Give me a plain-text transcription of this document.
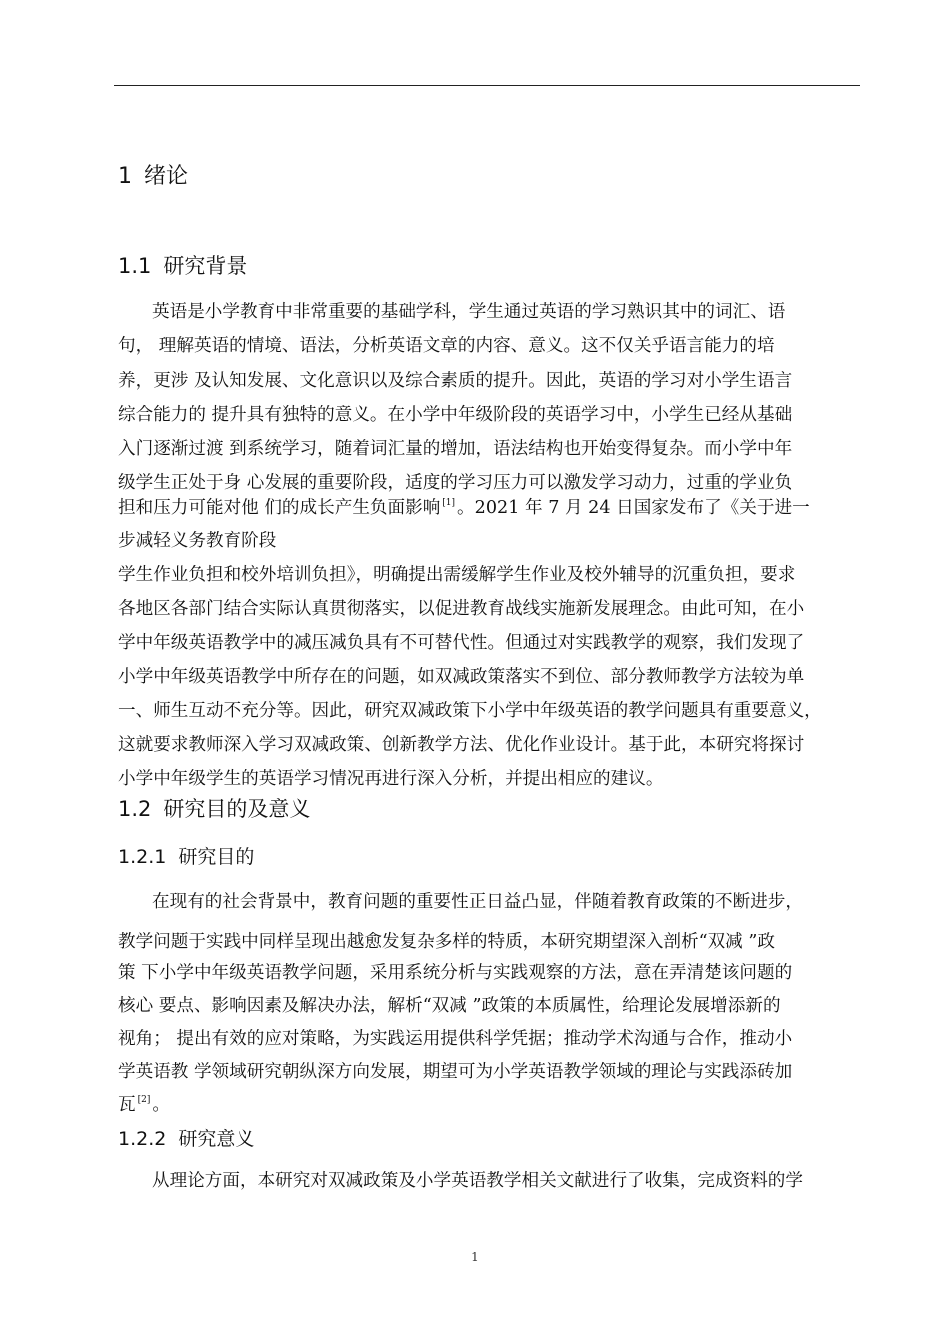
1 绪论
1.1 研究背景
英语是小学教育中非常重要的基础学科，学生通过英语的学习熟识其中的词汇、语
句， 理解英语的情境、语法，分析英语文章的内容、意义。这不仅关乎语言能力的培
养，更涉 及认知发展、文化意识以及综合素质的提升。因此，英语的学习对小学生语言
综合能力的 提升具有独特的意义。在小学中年级阶段的英语学习中，小学生已经从基础
入门逐渐过渡 到系统学习，随着词汇量的增加，语法结构也开始变得复杂。而小学中年
级学生正处于身 心发展的重要阶段，适度的学习压力可以激发学习动力，过重的学业负
担和压力可能对他 们的成长产生负面影响 [1] 。2021 年 7 月 24 日国家发布了《关于进一
步减轻义务教育阶段
学生作业负担和校外培训负担》，明确提出需缓解学生作业及校外辅导的沉重负担，要求
各地区各部门结合实际认真贯彻落实，以促进教育战线实施新发展理念。由此可知，在小
学中年级英语教学中的减压减负具有不可替代性。但通过对实践教学的观察，我们发现了
小学中年级英语教学中所存在的问题，如双减政策落实不到位、部分教师教学方法较为单
一、师生互动不充分等。因此，研究双减政策下小学中年级英语的教学问题具有重要意义，
这就要求教师深入学习双减政策、创新教学方法、优化作业设计。基于此，本研究将探讨
小学中年级学生的英语学习情况再进行深入分析，并提出相应的建议。
1.2 研究目的及意义
1.2.1 研究目的
在现有的社会背景中，教育问题的重要性正日益凸显，伴随着教育政策的不断进步，
教学问题于实践中同样呈现出越愈发复杂多样的特质，本研究期望深入剖析“双减 ”政
策 下小学中年级英语教学问题，采用系统分析与实践观察的方法，意在弄清楚该问题的
核心 要点、影响因素及解决办法，解析“双减 ”政策的本质属性，给理论发展增添新的
视角； 提出有效的应对策略，为实践运用提供科学凭据；推动学术沟通与合作，推动小
学英语教 学领域研究朝纵深方向发展，期望可为小学英语教学领域的理论与实践添砖加
瓦 [2] 。
1.2.2 研究意义
从理论方面，本研究对双减政策及小学英语教学相关文献进行了收集，完成资料的学
1
